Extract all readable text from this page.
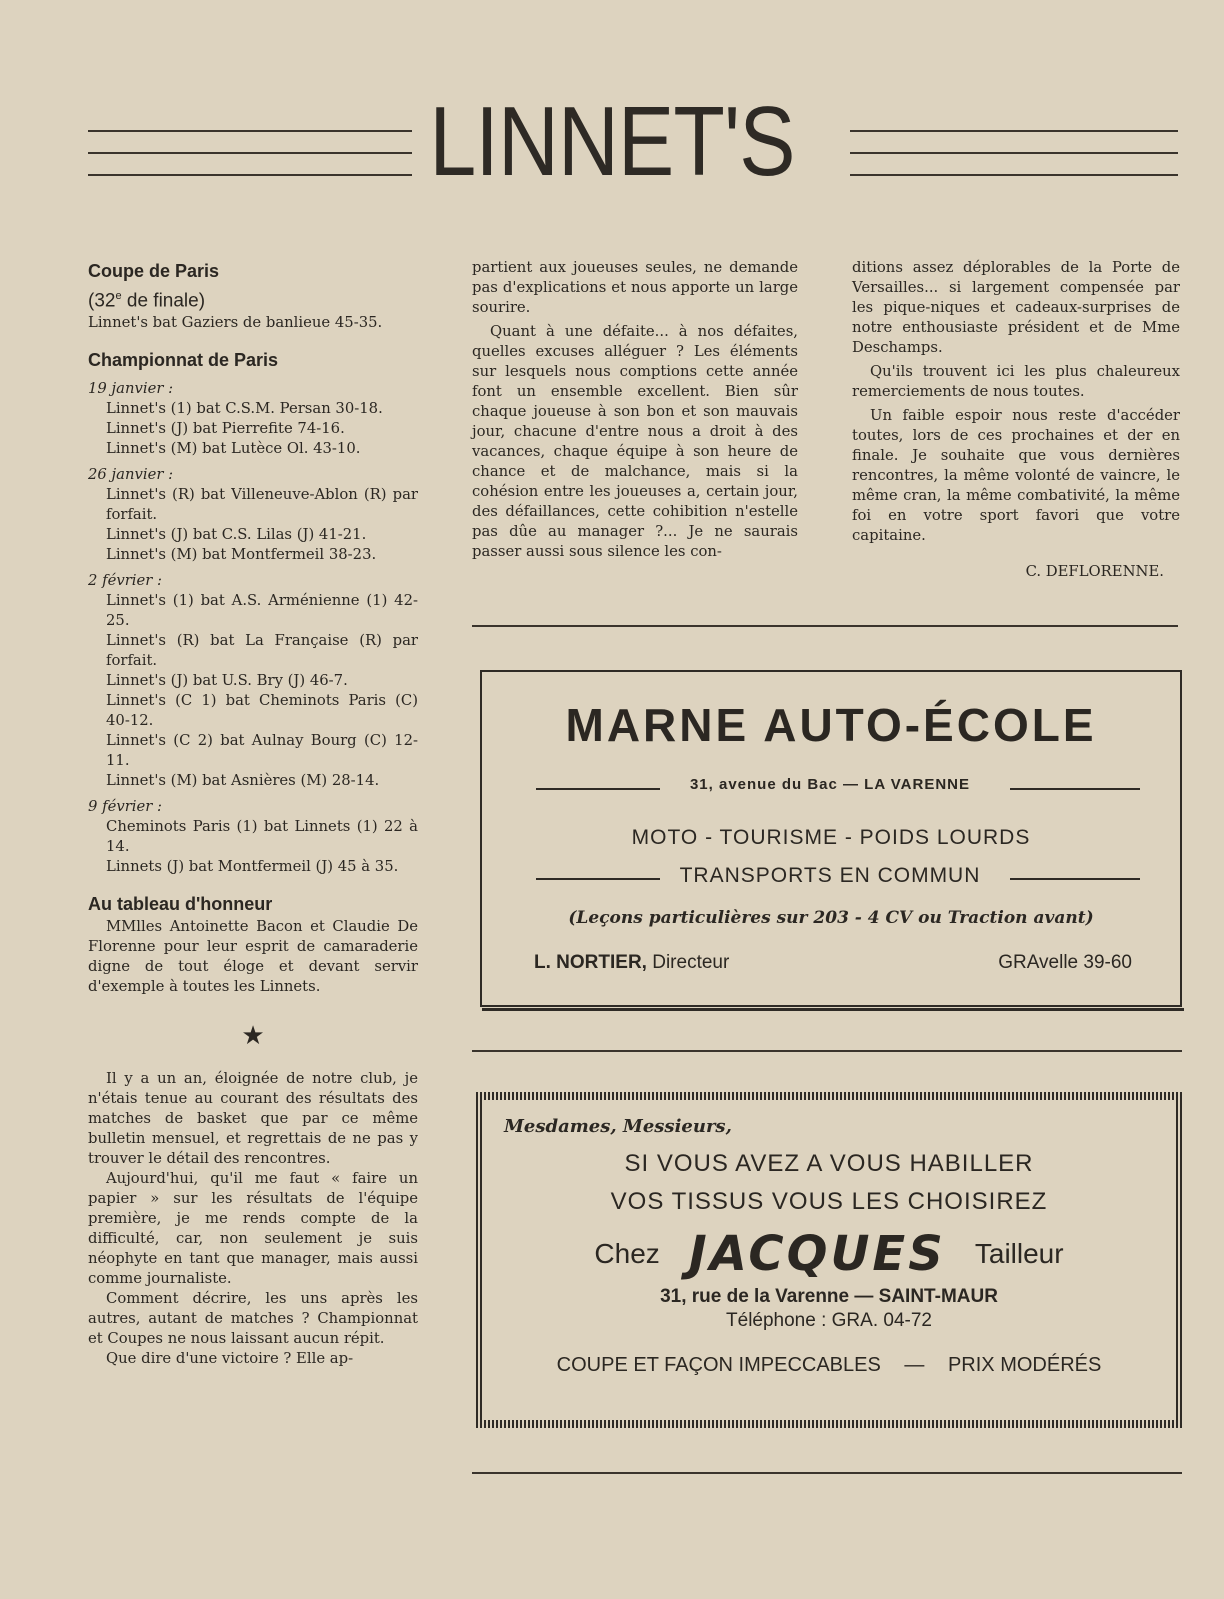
LINNET'S

Coupe de Paris

(32e de finale)

Linnet's bat Gaziers de banlieue 45-35.

Championnat de Paris

19 janvier :
Linnet's (1) bat C.S.M. Persan 30-18.
Linnet's (J) bat Pierrefite 74-16.
Linnet's (M) bat Lutèce Ol. 43-10.
26 janvier :
Linnet's (R) bat Villeneuve-Ablon (R) par forfait.
Linnet's (J) bat C.S. Lilas (J) 41-21.
Linnet's (M) bat Montfermeil 38-23.
2 février :
Linnet's (1) bat A.S. Arménienne (1) 42-25.
Linnet's (R) bat La Française (R) par forfait.
Linnet's (J) bat U.S. Bry (J) 46-7.
Linnet's (C 1) bat Cheminots Paris (C) 40-12.
Linnet's (C 2) bat Aulnay Bourg (C) 12-11.
Linnet's (M) bat Asnières (M) 28-14.
9 février :
Cheminots Paris (1) bat Linnets (1) 22 à 14.
Linnets (J) bat Montfermeil (J) 45 à 35.

Au tableau d'honneur

MMlles Antoinette Bacon et Claudie De Florenne pour leur esprit de camaraderie digne de tout éloge et devant servir d'exemple à toutes les Linnets.

★

Il y a un an, éloignée de notre club, je n'étais tenue au courant des résultats des matches de basket que par ce même bulletin mensuel, et regrettais de ne pas y trouver le détail des rencontres.

Aujourd'hui, qu'il me faut « faire un papier » sur les résultats de l'équipe première, je me rends compte de la difficulté, car, non seulement je suis néophyte en tant que manager, mais aussi comme journaliste.

Comment décrire, les uns après les autres, autant de matches ? Championnat et Coupes ne nous laissant aucun répit.

Que dire d'une victoire ? Elle ap-

partient aux joueuses seules, ne demande pas d'explications et nous apporte un large sourire.

Quant à une défaite... à nos défaites, quelles excuses alléguer ? Les éléments sur lesquels nous comptions cette année font un ensemble excellent. Bien sûr chaque joueuse à son bon et son mauvais jour, chacune d'entre nous a droit à des vacances, chaque équipe à son heure de chance et de malchance, mais si la cohésion entre les joueuses a, certain jour, des défaillances, cette cohibition n'estelle pas dûe au manager ?... Je ne saurais passer aussi sous silence les con-

ditions assez déplorables de la Porte de Versailles... si largement compensée par les pique-niques et cadeaux-surprises de notre enthousiaste président et de Mme Deschamps.

Qu'ils trouvent ici les plus chaleureux remerciements de nous toutes.

Un faible espoir nous reste d'accéder toutes, lors de ces prochaines et der en finale. Je souhaite que vous dernières rencontres, la même volonté de vaincre, le même cran, la même combativité, la même foi en votre sport favori que votre capitaine.

C. DEFLORENNE.

MARNE AUTO-ÉCOLE
31, avenue du Bac — LA VARENNE
MOTO - TOURISME - POIDS LOURDS
TRANSPORTS EN COMMUN
(Leçons particulières sur 203 - 4 CV ou Traction avant)
L. NORTIER, Directeur	GRAvelle 39-60
Mesdames, Messieurs,
SI VOUS AVEZ A VOUS HABILLER
VOS TISSUS VOUS LES CHOISIREZ
Chez JACQUES Tailleur
31, rue de la Varenne — SAINT-MAUR
Téléphone : GRA. 04-72
COUPE ET FAÇON IMPECCABLES — PRIX MODÉRÉS
